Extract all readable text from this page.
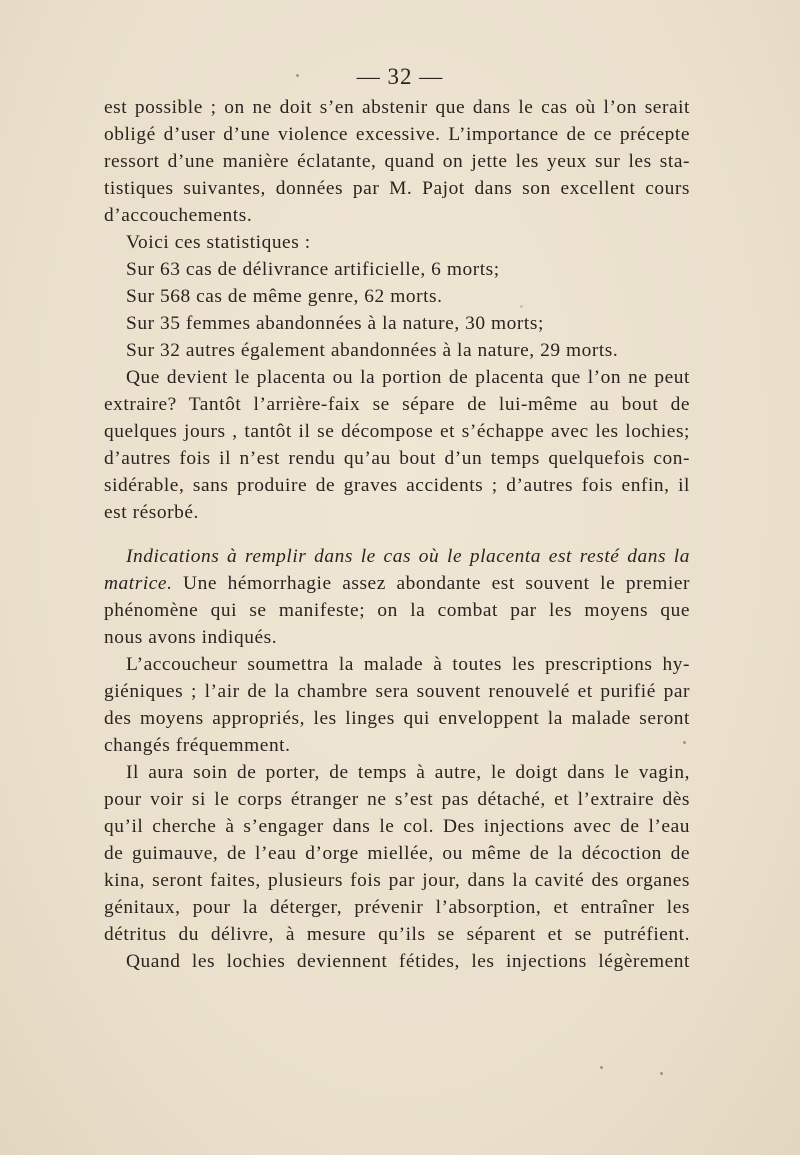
— 32 —
est possible ; on ne doit s’en abstenir que dans le cas où l’on serait
obligé d’user d’une violence excessive. L’importance de ce précepte
ressort d’une manière éclatante, quand on jette les yeux sur les sta-
tistiques suivantes, données par M. Pajot dans son excellent cours
d’accouchements.
Voici ces statistiques :
Sur 63 cas de délivrance artificielle, 6 morts;
Sur 568 cas de même genre, 62 morts.
Sur 35 femmes abandonnées à la nature, 30 morts;
Sur 32 autres également abandonnées à la nature, 29 morts.
Que devient le placenta ou la portion de placenta que l’on ne peut
extraire? Tantôt l’arrière-faix se sépare de lui-même au bout de
quelques jours , tantôt il se décompose et s’échappe avec les lochies;
d’autres fois il n’est rendu qu’au bout d’un temps quelquefois con-
sidérable, sans produire de graves accidents ; d’autres fois enfin, il
est résorbé.
Indications à remplir dans le cas où le placenta est resté dans la
matrice. Une hémorrhagie assez abondante est souvent le premier
phénomène qui se manifeste; on la combat par les moyens que
nous avons indiqués.
L’accoucheur soumettra la malade à toutes les prescriptions hy-
giéniques ; l’air de la chambre sera souvent renouvelé et purifié par
des moyens appropriés, les linges qui enveloppent la malade seront
changés fréquemment.
Il aura soin de porter, de temps à autre, le doigt dans le vagin,
pour voir si le corps étranger ne s’est pas détaché, et l’extraire dès
qu’il cherche à s’engager dans le col. Des injections avec de l’eau
de guimauve, de l’eau d’orge miellée, ou même de la décoction de
kina, seront faites, plusieurs fois par jour, dans la cavité des organes
génitaux, pour la déterger, prévenir l’absorption, et entraîner les
détritus du délivre, à mesure qu’ils se séparent et se putréfient.
Quand les lochies deviennent fétides, les injections légèrement
